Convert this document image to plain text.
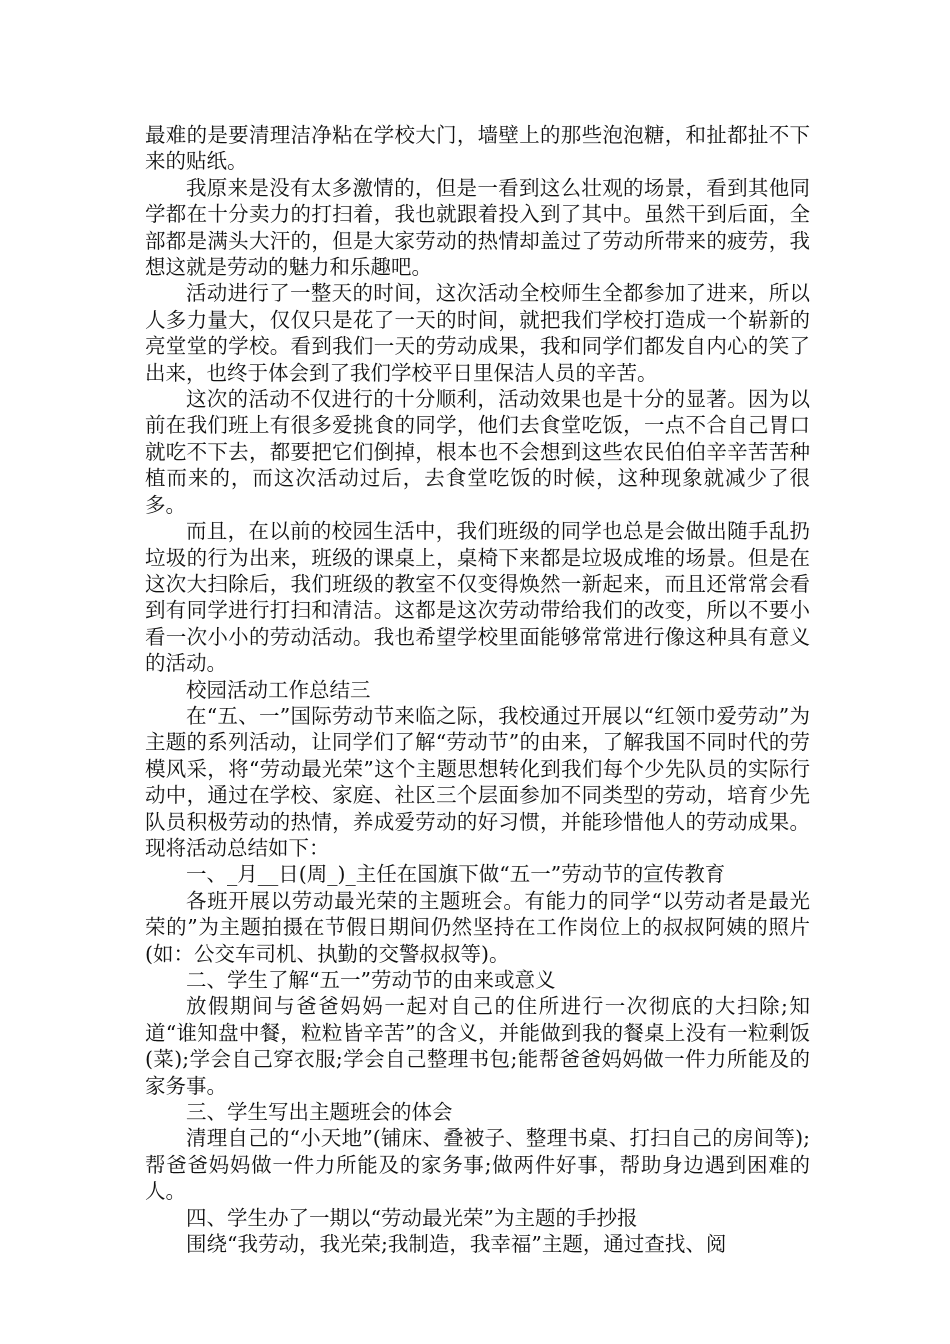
最难的是要清理洁净粘在学校大门，墙壁上的那些泡泡糖，和扯都扯不下来的贴纸。

我原来是没有太多激情的，但是一看到这么壮观的场景，看到其他同学都在十分卖力的打扫着，我也就跟着投入到了其中。虽然干到后面，全部都是满头大汗的，但是大家劳动的热情却盖过了劳动所带来的疲劳，我想这就是劳动的魅力和乐趣吧。

活动进行了一整天的时间，这次活动全校师生全都参加了进来，所以人多力量大，仅仅只是花了一天的时间，就把我们学校打造成一个崭新的亮堂堂的学校。看到我们一天的劳动成果，我和同学们都发自内心的笑了出来，也终于体会到了我们学校平日里保洁人员的辛苦。

这次的活动不仅进行的十分顺利，活动效果也是十分的显著。因为以前在我们班上有很多爱挑食的同学，他们去食堂吃饭，一点不合自己胃口就吃不下去，都要把它们倒掉，根本也不会想到这些农民伯伯辛辛苦苦种植而来的，而这次活动过后，去食堂吃饭的时候，这种现象就减少了很多。

而且，在以前的校园生活中，我们班级的同学也总是会做出随手乱扔垃圾的行为出来，班级的课桌上，桌椅下来都是垃圾成堆的场景。但是在这次大扫除后，我们班级的教室不仅变得焕然一新起来，而且还常常会看到有同学进行打扫和清洁。这都是这次劳动带给我们的改变，所以不要小看一次小小的劳动活动。我也希望学校里面能够常常进行像这种具有意义的活动。

校园活动工作总结三

在“五、一”国际劳动节来临之际，我校通过开展以“红领巾爱劳动”为主题的系列活动，让同学们了解“劳动节”的由来，了解我国不同时代的劳模风采，将“劳动最光荣”这个主题思想转化到我们每个少先队员的实际行动中，通过在学校、家庭、社区三个层面参加不同类型的劳动，培育少先队员积极劳动的热情，养成爱劳动的好习惯，并能珍惜他人的劳动成果。现将活动总结如下：

一、_月__日(周_)_主任在国旗下做“五一”劳动节的宣传教育

各班开展以劳动最光荣的主题班会。有能力的同学“以劳动者是最光荣的”为主题拍摄在节假日期间仍然坚持在工作岗位上的叔叔阿姨的照片(如：公交车司机、执勤的交警叔叔等)。

二、学生了解“五一”劳动节的由来或意义

放假期间与爸爸妈妈一起对自己的住所进行一次彻底的大扫除;知道“谁知盘中餐，粒粒皆辛苦”的含义，并能做到我的餐桌上没有一粒剩饭(菜);学会自己穿衣服;学会自己整理书包;能帮爸爸妈妈做一件力所能及的家务事。

三、学生写出主题班会的体会

清理自己的“小天地”(铺床、叠被子、整理书桌、打扫自己的房间等);帮爸爸妈妈做一件力所能及的家务事;做两件好事，帮助身边遇到困难的人。

四、学生办了一期以“劳动最光荣”为主题的手抄报

围绕“我劳动，我光荣;我制造，我幸福”主题，通过查找、阅
